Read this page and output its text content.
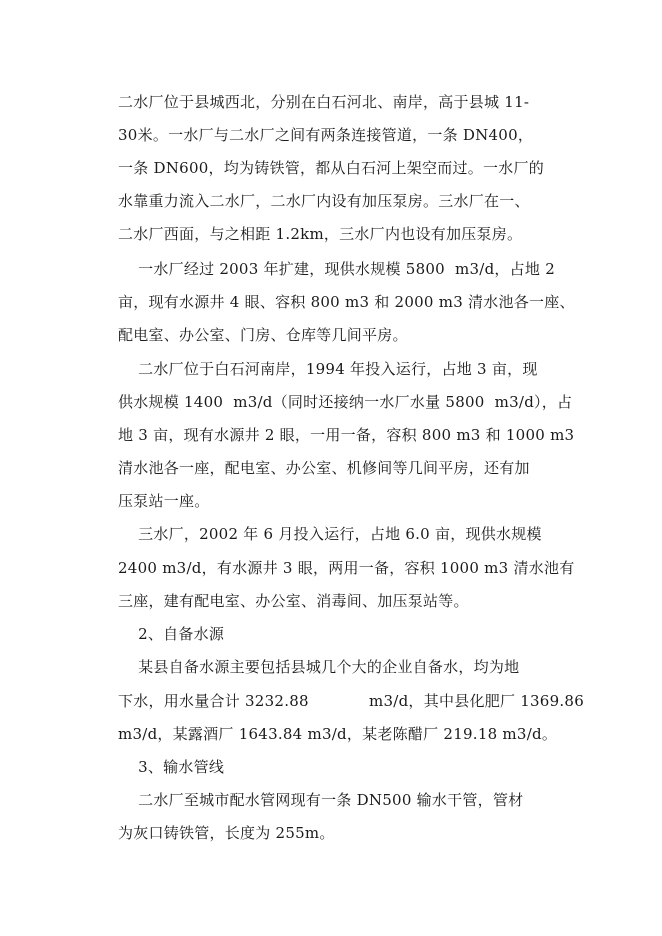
二水厂位于县城西北，分别在白石河北、南岸，高于县城 11-
30米。一水厂与二水厂之间有两条连接管道，一条 DN400，
一条 DN600，均为铸铁管，都从白石河上架空而过。一水厂的
水靠重力流入二水厂，二水厂内设有加压泵房。三水厂在一、
二水厂西面，与之相距 1.2km，三水厂内也设有加压泵房。
一水厂经过 2003 年扩建，现供水规模 5800  m3/d，占地 2
亩，现有水源井 4 眼、容积 800 m3 和 2000 m3 清水池各一座、
配电室、办公室、门房、仓库等几间平房。
二水厂位于白石河南岸，1994 年投入运行，占地 3 亩，现
供水规模 1400  m3/d（同时还接纳一水厂水量 5800  m3/d），占
地 3 亩，现有水源井 2 眼，一用一备，容积 800 m3 和 1000 m3
清水池各一座，配电室、办公室、机修间等几间平房，还有加
压泵站一座。
三水厂，2002 年 6 月投入运行，占地 6.0 亩，现供水规模
2400 m3/d，有水源井 3 眼，两用一备，容积 1000 m3 清水池有
三座，建有配电室、办公室、消毒间、加压泵站等。
2、自备水源
某县自备水源主要包括县城几个大的企业自备水，均为地
下水，用水量合计 3232.88            m3/d，其中县化肥厂 1369.86
m3/d，某露酒厂 1643.84 m3/d，某老陈醋厂 219.18 m3/d。
3、输水管线
二水厂至城市配水管网现有一条 DN500 输水干管，管材
为灰口铸铁管，长度为 255m。
